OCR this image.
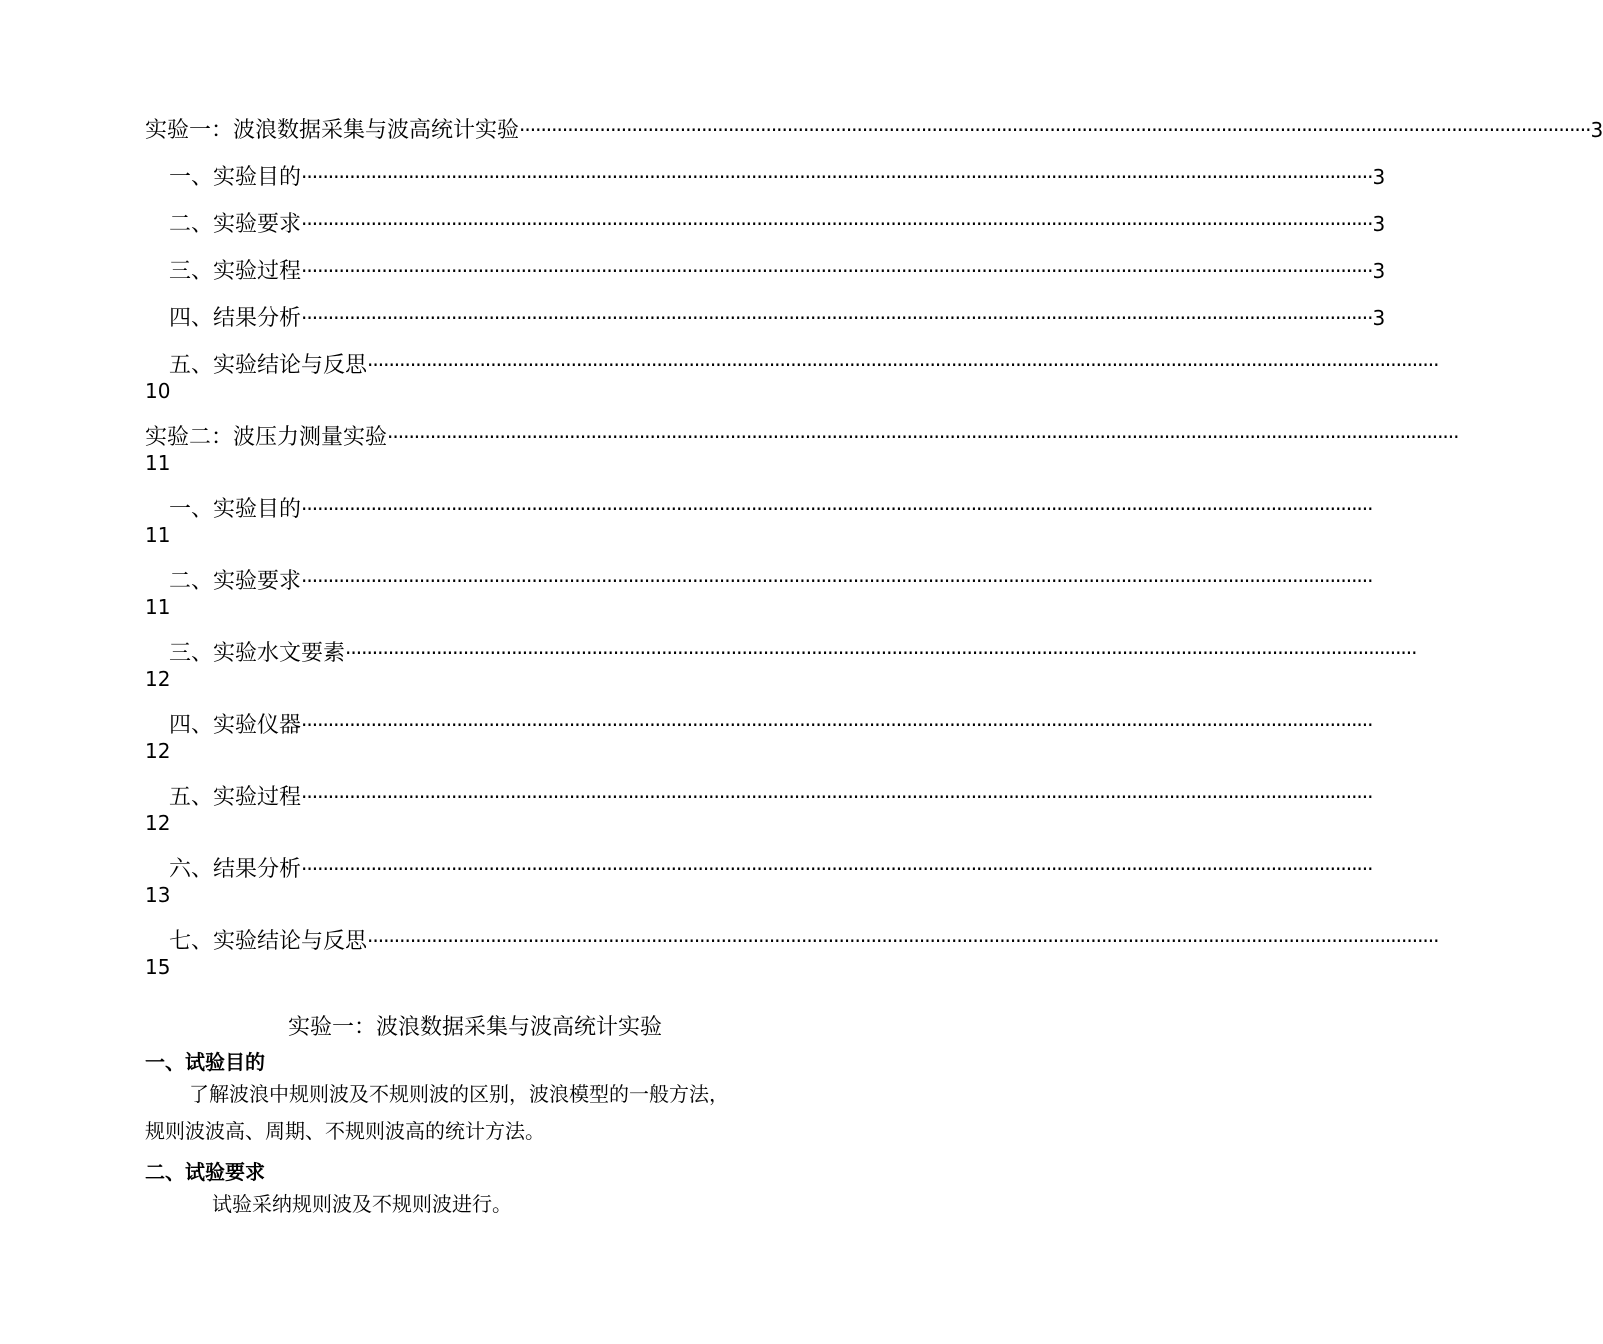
实验一：波浪数据采集与波高统计实验 ········································································································································································································ 3
一、实验目的 ········································································································································································································ 3
二、实验要求 ········································································································································································································ 3
三、实验过程 ········································································································································································································ 3
四、结果分析 ········································································································································································································ 3
五、实验结论与反思 ········································································································································································································
10
实验二：波压力测量实验 ········································································································································································································
11
一、实验目的 ········································································································································································································
11
二、实验要求 ········································································································································································································
11
三、实验水文要素 ········································································································································································································
12
四、实验仪器 ········································································································································································································
12
五、实验过程 ········································································································································································································
12
六、结果分析 ········································································································································································································
13
七、实验结论与反思 ········································································································································································································
15
实验一：波浪数据采集与波高统计实验
一、试验目的
了解波浪中规则波及不规则波的区别，波浪模型的一般方法，
规则波波高、周期、不规则波高的统计方法。
二、试验要求
试验采纳规则波及不规则波进行。
